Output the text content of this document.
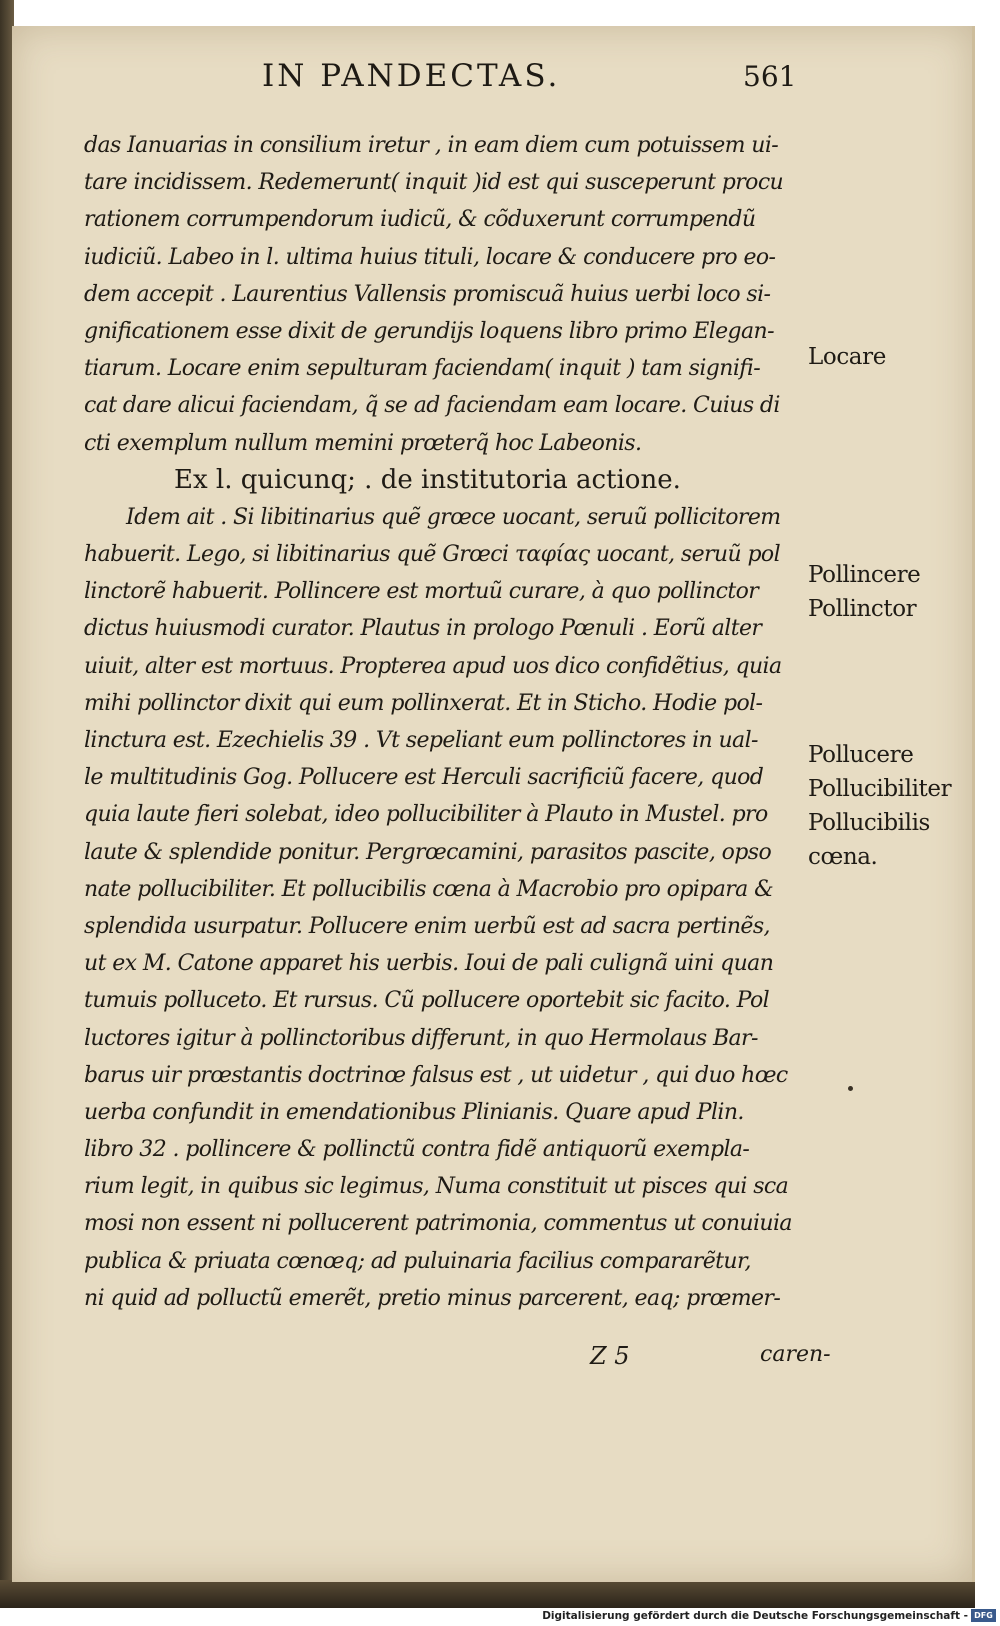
IN PANDECTAS.	561
das Ianuarias in consilium iretur , in eam diem cum potuissem ui-
tare incidissem. Redemerunt( inquit )id est qui susceperunt procu
rationem corrumpendorum iudicũ, & cõduxerunt corrumpendũ
iudiciũ. Labeo in l. ultima huius tituli, locare & conducere pro eo-
dem accepit . Laurentius Vallensis promiscuã huius uerbi loco si-
gnificationem esse dixit de gerundijs loquens libro primo Elegan-
tiarum. Locare enim sepulturam faciendam( inquit ) tam signifi-
cat dare alicui faciendam, q̃ se ad faciendam eam locare. Cuius di
cti exemplum nullum memini prœterq̃ hoc Labeonis.
Ex l. quicunq; . de institutoria actione.
Idem ait . Si libitinarius quẽ grœce uocant, seruũ pollicitorem
habuerit. Lego, si libitinarius quẽ Grœci ταφίας uocant, seruũ pol
linctorẽ habuerit. Pollincere est mortuũ curare, à quo pollinctor
dictus huiusmodi curator. Plautus in prologo Pœnuli . Eorũ alter
uiuit, alter est mortuus. Propterea apud uos dico confidẽtius, quia
mihi pollinctor dixit qui eum pollinxerat. Et in Sticho. Hodie pol-
linctura est. Ezechielis 39 . Vt sepeliant eum pollinctores in ual-
le multitudinis Gog. Pollucere est Herculi sacrificiũ facere, quod
quia laute fieri solebat, ideo pollucibiliter à Plauto in Mustel. pro
laute & splendide ponitur. Pergrœcamini, parasitos pascite, opso
nate pollucibiliter. Et pollucibilis cœna à Macrobio pro opipara &
splendida usurpatur. Pollucere enim uerbũ est ad sacra pertinẽs,
ut ex M. Catone apparet his uerbis. Ioui de pali culignã uini quan
tumuis polluceto. Et rursus. Cũ pollucere oportebit sic facito. Pol
luctores igitur à pollinctoribus differunt, in quo Hermolaus Bar-
barus uir prœstantis doctrinœ falsus est , ut uidetur , qui duo hœc
uerba confundit in emendationibus Plinianis. Quare apud Plin.
libro 32 . pollincere & pollinctũ contra fidẽ antiquorũ exempla-
rium legit, in quibus sic legimus, Numa constituit ut pisces qui sca
mosi non essent ni pollucerent patrimonia, commentus ut conuiuia
publica & priuata cœnœq; ad puluinaria facilius compararẽtur,
ni quid ad polluctũ emerẽt, pretio minus parcerent, eaq; prœmer-
Locare
Pollincere
Pollinctor
Pollucere
Pollucibiliter
Pollucibilis
cœna.
Z 5	caren-
Digitalisierung gefördert durch die Deutsche Forschungsgemeinschaft - DFG
